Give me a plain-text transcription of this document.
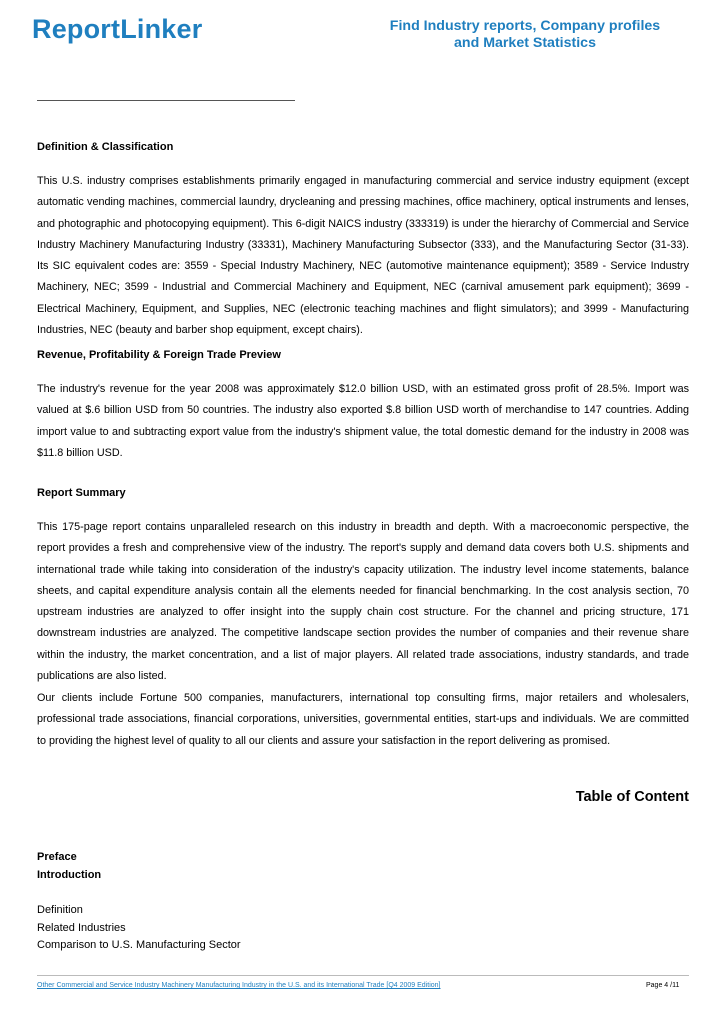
ReportLinker	Find Industry reports, Company profiles
and Market Statistics
Definition & Classification
This U.S. industry comprises establishments primarily engaged in manufacturing commercial and service industry equipment (except automatic vending machines, commercial laundry, drycleaning and pressing machines, office machinery, optical instruments and lenses, and photographic and photocopying equipment). This 6-digit NAICS industry (333319) is under the hierarchy of Commercial and Service Industry Machinery Manufacturing Industry (33331), Machinery Manufacturing Subsector (333), and the Manufacturing Sector (31-33). Its SIC equivalent codes are: 3559 - Special Industry Machinery, NEC (automotive maintenance equipment); 3589 - Service Industry Machinery, NEC; 3599 - Industrial and Commercial Machinery and Equipment, NEC (carnival amusement park equipment); 3699 - Electrical Machinery, Equipment, and Supplies, NEC (electronic teaching machines and flight simulators); and 3999 - Manufacturing Industries, NEC (beauty and barber shop equipment, except chairs).
Revenue, Profitability & Foreign Trade Preview
The industry's revenue for the year 2008 was approximately $12.0 billion USD, with an estimated gross profit of 28.5%. Import was valued at $.6 billion USD from 50 countries. The industry also exported $.8 billion USD worth of merchandise to 147 countries. Adding import value to and subtracting export value from the industry's shipment value, the total domestic demand for the industry in 2008 was $11.8 billion USD.
Report Summary
This 175-page report contains unparalleled research on this industry in breadth and depth. With a macroeconomic perspective, the report provides a fresh and comprehensive view of the industry. The report's supply and demand data covers both U.S. shipments and international trade while taking into consideration of the industry's capacity utilization. The industry level income statements, balance sheets, and capital expenditure analysis contain all the elements needed for financial benchmarking. In the cost analysis section, 70 upstream industries are analyzed to offer insight into the supply chain cost structure. For the channel and pricing structure, 171 downstream industries are analyzed. The competitive landscape section provides the number of companies and their revenue share within the industry, the market concentration, and a list of major players. All related trade associations, industry standards, and trade publications are also listed.
Our clients include Fortune 500 companies, manufacturers, international top consulting firms, major retailers and wholesalers, professional trade associations, financial corporations, universities, governmental entities, start-ups and individuals. We are committed to providing the highest level of quality to all our clients and assure your satisfaction in the report delivering as promised.
Table of Content
Preface
Introduction
Definition
Related Industries
Comparison to U.S. Manufacturing Sector
Other Commercial and Service Industry Machinery Manufacturing Industry in the U.S. and its International Trade [Q4 2009 Edition]	Page 4 /11
